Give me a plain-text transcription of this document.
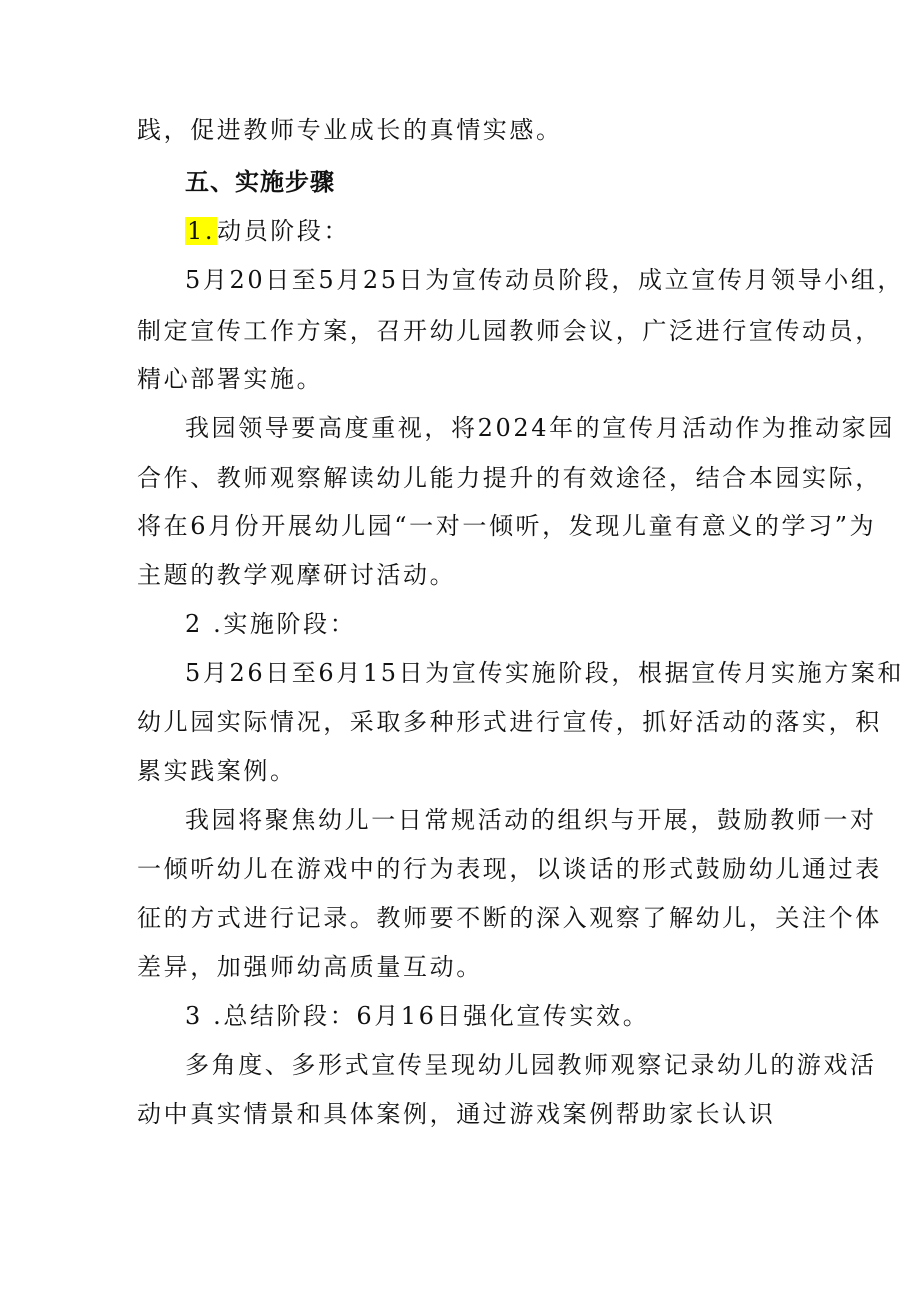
践，促进教师专业成长的真情实感。
五、实施步骤
1.动员阶段：
5月20日至5月25日为宣传动员阶段，成立宣传月领导小组，
制定宣传工作方案，召开幼儿园教师会议，广泛进行宣传动员，
精心部署实施。
我园领导要高度重视，将2024年的宣传月活动作为推动家园
合作、教师观察解读幼儿能力提升的有效途径，结合本园实际，
将在6月份开展幼儿园“一对一倾听，发现儿童有意义的学习”为
主题的教学观摩研讨活动。
2 .实施阶段：
5月26日至6月15日为宣传实施阶段，根据宣传月实施方案和
幼儿园实际情况，采取多种形式进行宣传，抓好活动的落实，积
累实践案例。
我园将聚焦幼儿一日常规活动的组织与开展，鼓励教师一对
一倾听幼儿在游戏中的行为表现，以谈话的形式鼓励幼儿通过表
征的方式进行记录。教师要不断的深入观察了解幼儿，关注个体
差异，加强师幼高质量互动。
3 .总结阶段：6月16日强化宣传实效。
多角度、多形式宣传呈现幼儿园教师观察记录幼儿的游戏活
动中真实情景和具体案例，通过游戏案例帮助家长认识
